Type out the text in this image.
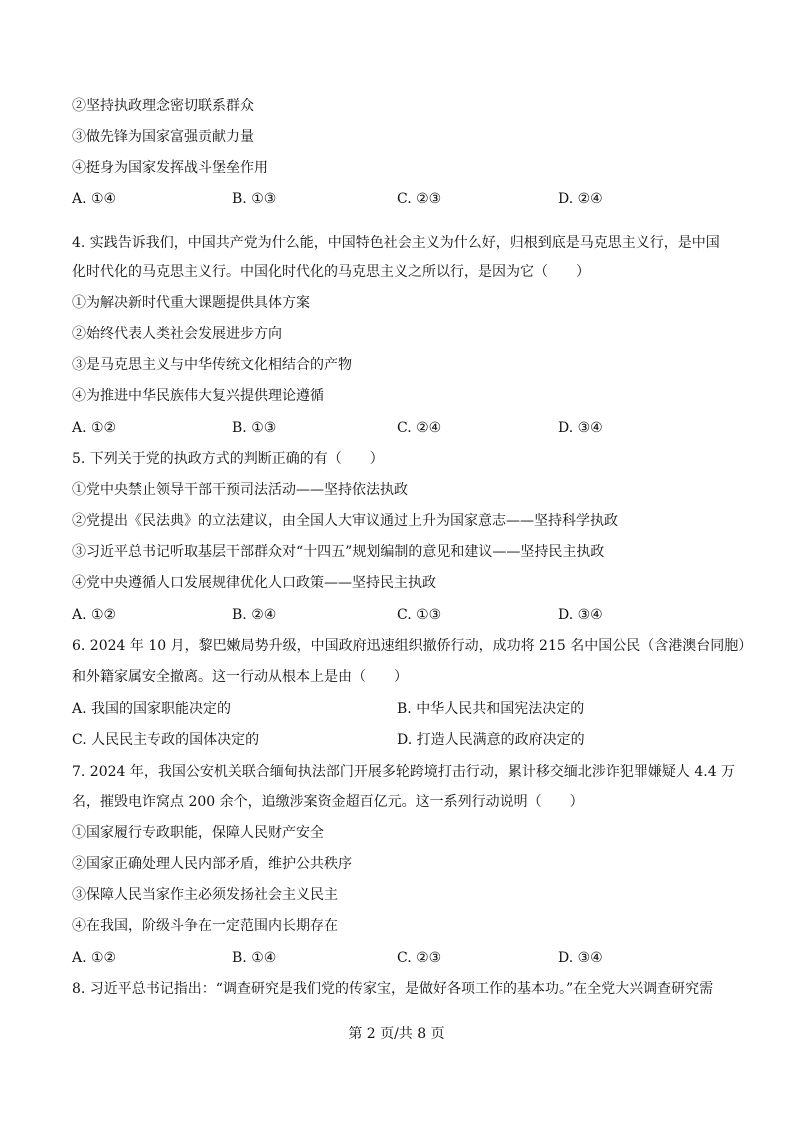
②坚持执政理念密切联系群众
③做先锋为国家富强贡献力量
④挺身为国家发挥战斗堡垒作用
A. ①④	B. ①③	C. ②③	D. ②④
4. 实践告诉我们，中国共产党为什么能，中国特色社会主义为什么好，归根到底是马克思主义行，是中国
化时代化的马克思主义行。中国化时代化的马克思主义之所以行，是因为它（　　）
①为解决新时代重大课题提供具体方案
②始终代表人类社会发展进步方向
③是马克思主义与中华传统文化相结合的产物
④为推进中华民族伟大复兴提供理论遵循
A. ①②	B. ①③	C. ②④	D. ③④
5. 下列关于党的执政方式的判断正确的有（　　）
①党中央禁止领导干部干预司法活动——坚持依法执政
②党提出《民法典》的立法建议，由全国人大审议通过上升为国家意志——坚持科学执政
③习近平总书记听取基层干部群众对“十四五”规划编制的意见和建议——坚持民主执政
④党中央遵循人口发展规律优化人口政策——坚持民主执政
A. ①②	B. ②④	C. ①③	D. ③④
6. 2024 年 10 月，黎巴嫩局势升级，中国政府迅速组织撤侨行动，成功将 215 名中国公民（含港澳台同胞）
和外籍家属安全撤离。这一行动从根本上是由（　　）
A. 我国的国家职能决定的	B. 中华人民共和国宪法决定的
C. 人民民主专政的国体决定的	D. 打造人民满意的政府决定的
7. 2024 年，我国公安机关联合缅甸执法部门开展多轮跨境打击行动，累计移交缅北涉诈犯罪嫌疑人 4.4 万
名，摧毁电诈窝点 200 余个，追缴涉案资金超百亿元。这一系列行动说明（　　）
①国家履行专政职能，保障人民财产安全
②国家正确处理人民内部矛盾，维护公共秩序
③保障人民当家作主必须发扬社会主义民主
④在我国，阶级斗争在一定范围内长期存在
A. ①②	B. ①④	C. ②③	D. ③④
8. 习近平总书记指出：“调查研究是我们党的传家宝，是做好各项工作的基本功。”在全党大兴调查研究需
第 2 页/共 8 页
